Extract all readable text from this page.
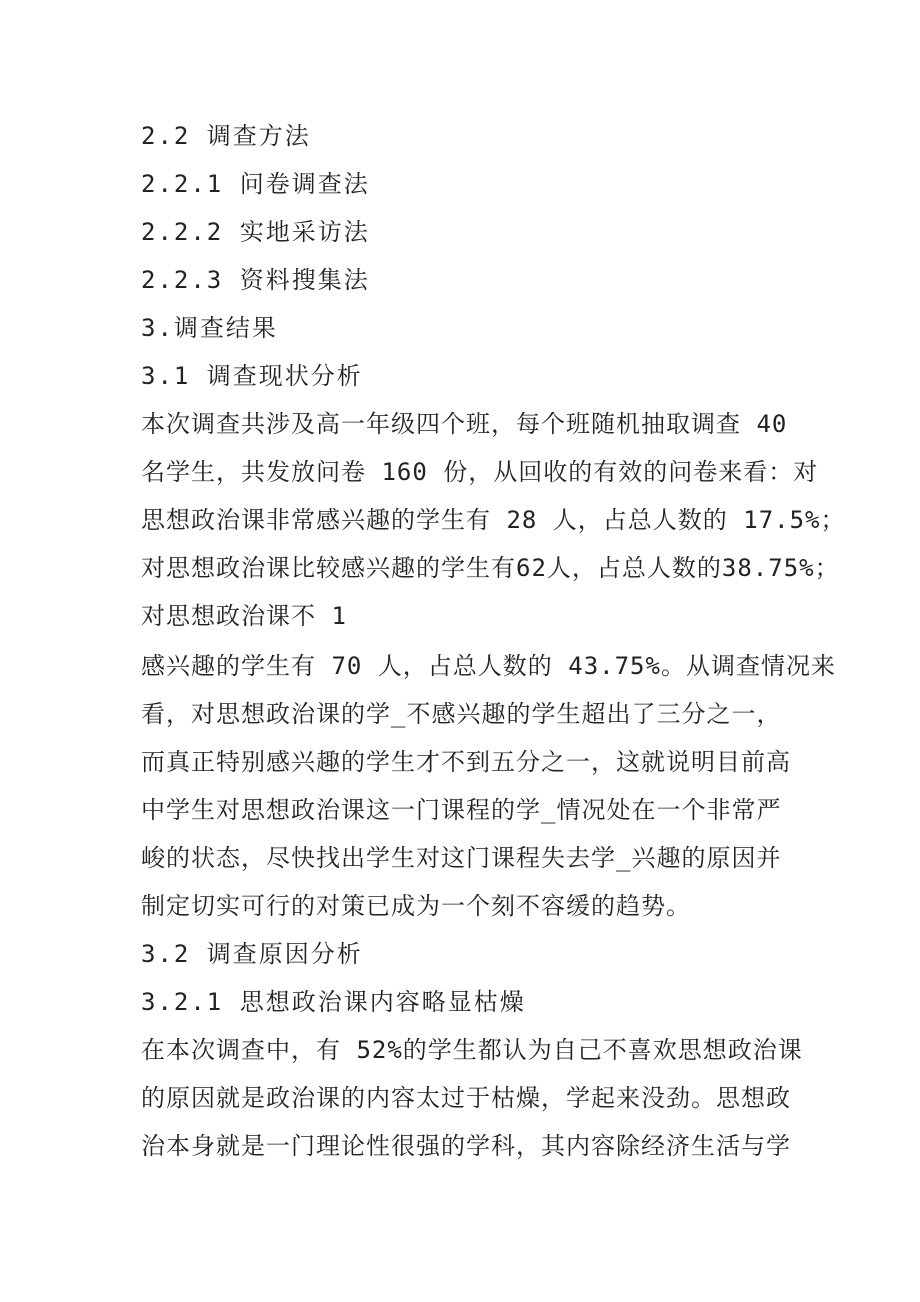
2.2 调查方法
2.2.1 问卷调查法
2.2.2 实地采访法
2.2.3 资料搜集法
3.调查结果
3.1 调查现状分析
本次调查共涉及高一年级四个班，每个班随机抽取调查 40
名学生，共发放问卷 160 份，从回收的有效的问卷来看：对
思想政治课非常感兴趣的学生有 28 人，占总人数的 17.5%；
对思想政治课比较感兴趣的学生有62人，占总人数的38.75%；
对思想政治课不 1
感兴趣的学生有 70 人，占总人数的 43.75%。从调查情况来
看，对思想政治课的学_不感兴趣的学生超出了三分之一，
而真正特别感兴趣的学生才不到五分之一，这就说明目前高
中学生对思想政治课这一门课程的学_情况处在一个非常严
峻的状态，尽快找出学生对这门课程失去学_兴趣的原因并
制定切实可行的对策已成为一个刻不容缓的趋势。
3.2 调查原因分析
3.2.1 思想政治课内容略显枯燥
在本次调查中，有 52%的学生都认为自己不喜欢思想政治课
的原因就是政治课的内容太过于枯燥，学起来没劲。思想政
治本身就是一门理论性很强的学科，其内容除经济生活与学
